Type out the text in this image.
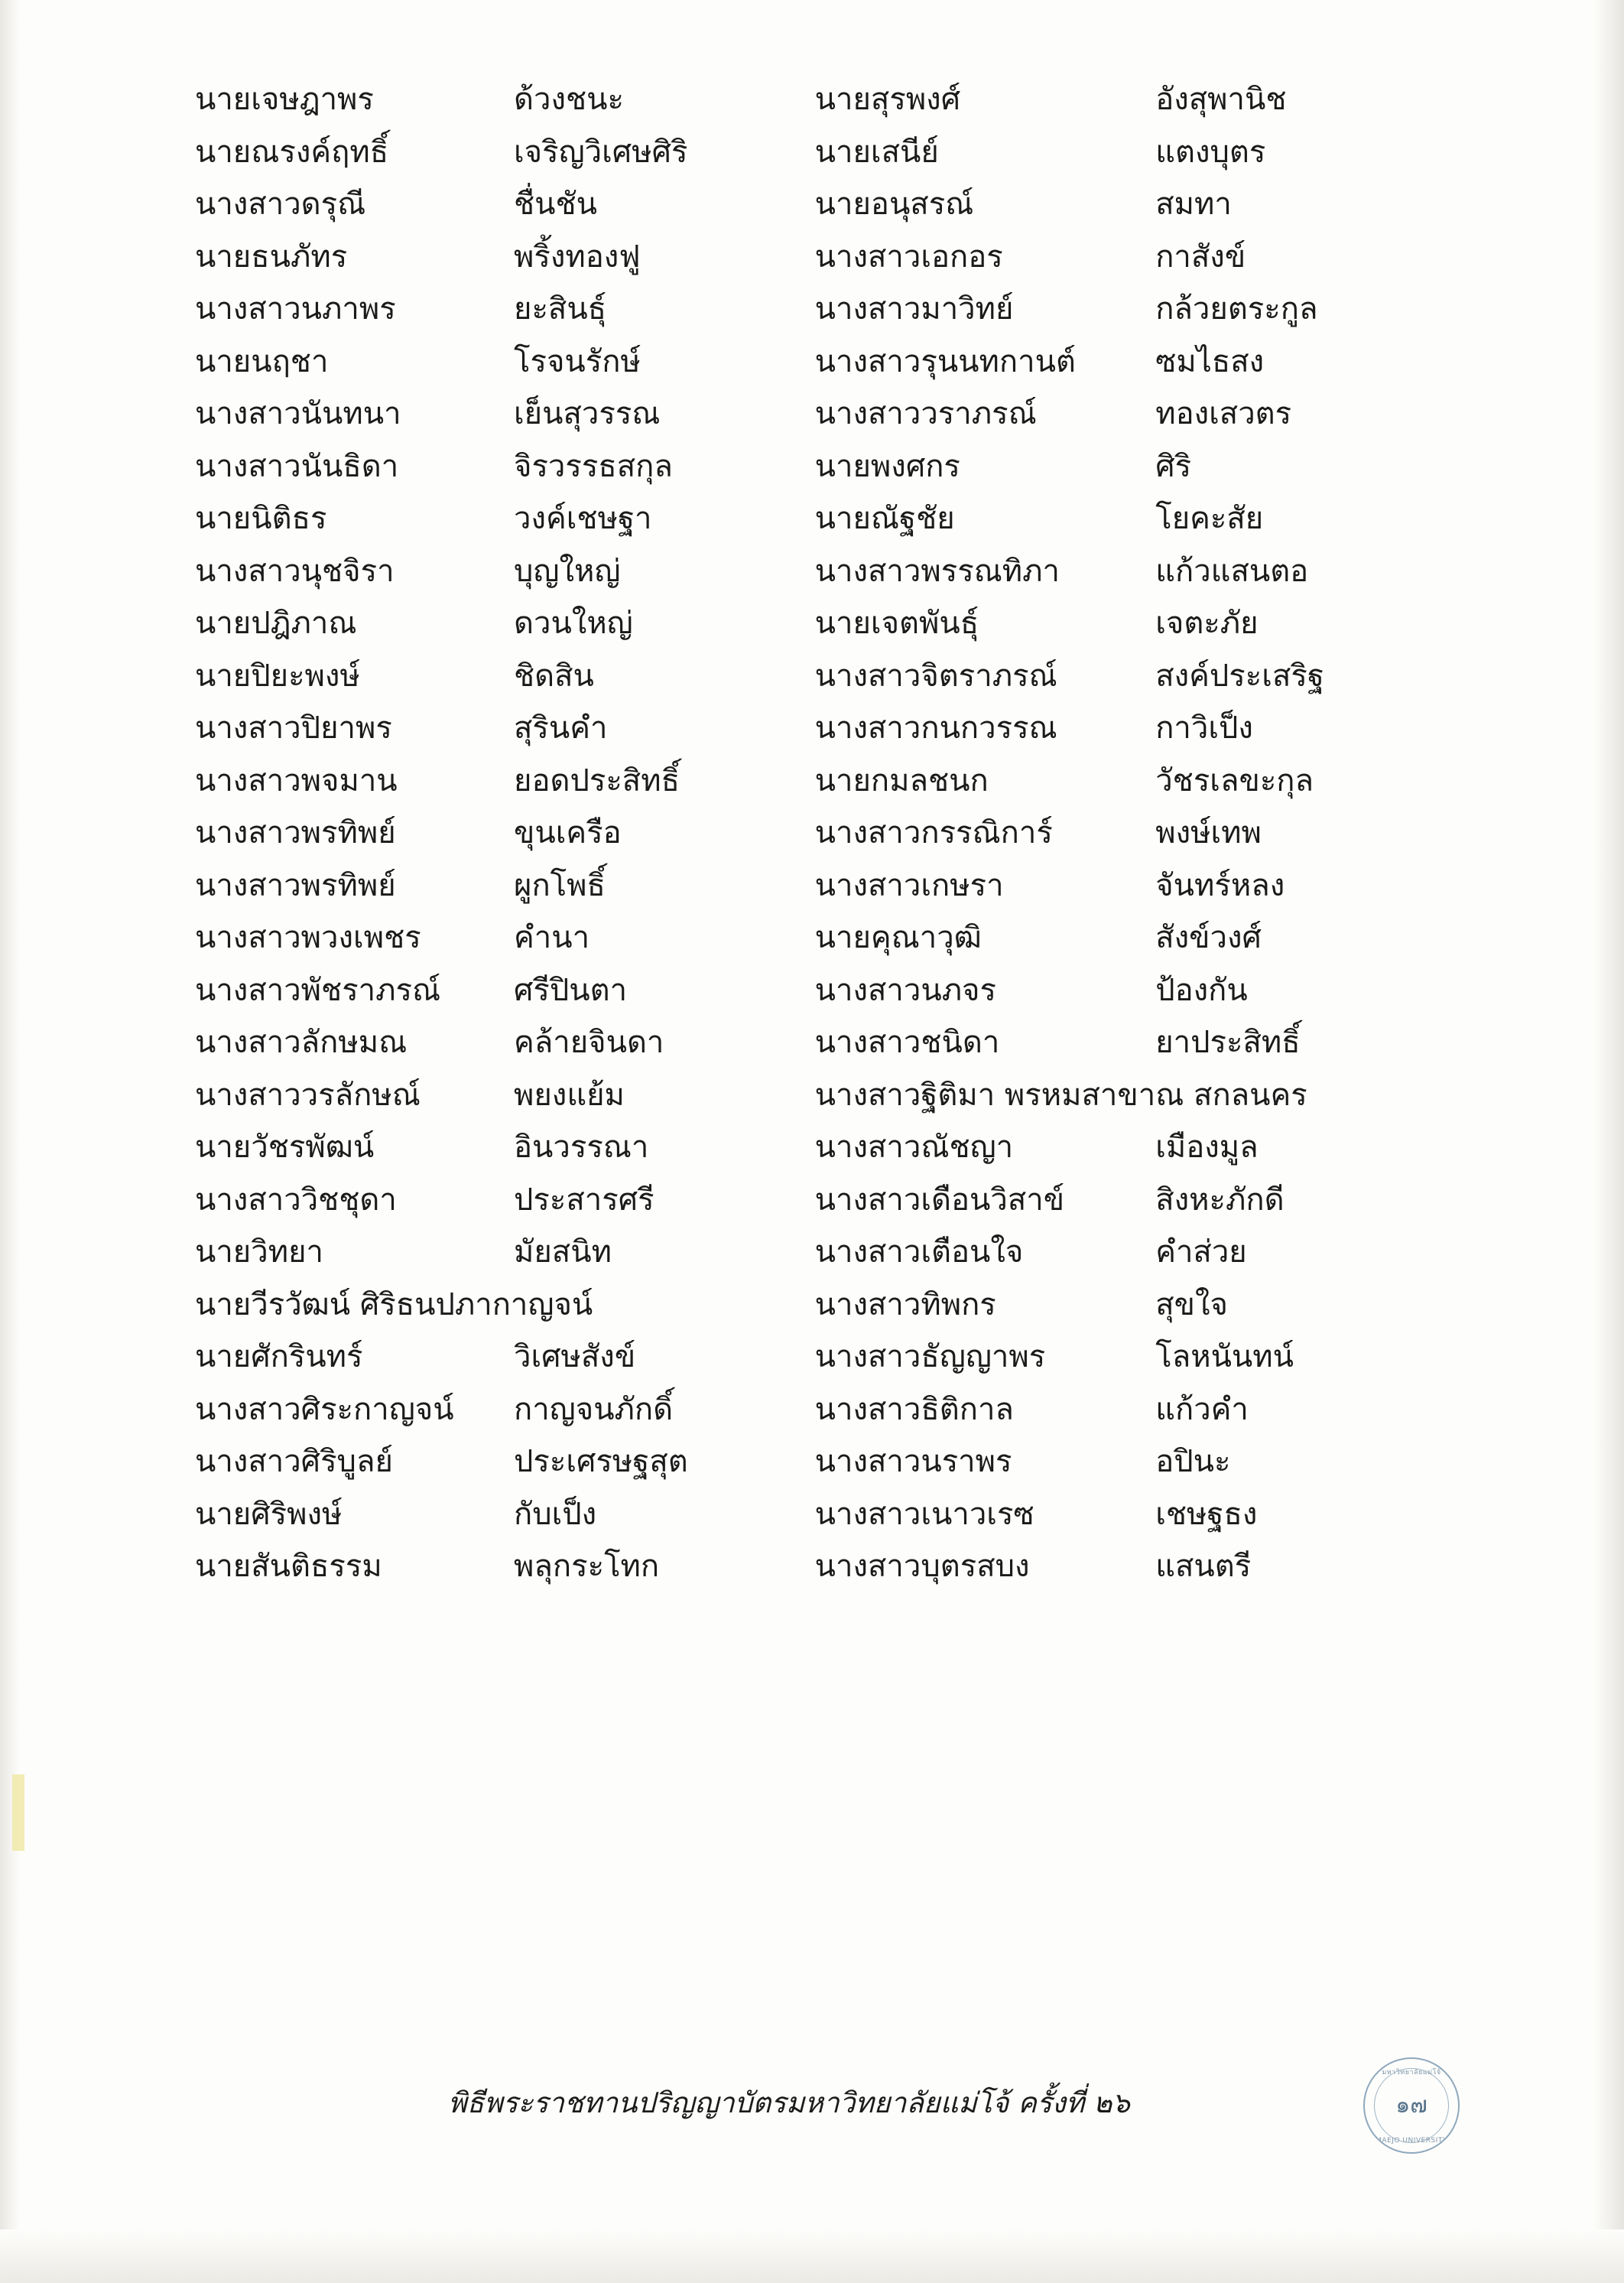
นายเจษฎาพร	ด้วงชนะ	นายสุรพงศ์	อังสุพานิช
นายณรงค์ฤทธิ์	เจริญวิเศษศิริ	นายเสนีย์	แตงบุตร
นางสาวดรุณี	ชื่นชัน	นายอนุสรณ์	สมทา
นายธนภัทร	พริ้งทองฟู	นางสาวเอกอร	กาสังข์
นางสาวนภาพร	ยะสินธุ์	นางสาวมาวิทย์	กล้วยตระกูล
นายนฤชา	โรจนรักษ์	นางสาวรุนนทกานต์	ซมไธสง
นางสาวนันทนา	เย็นสุวรรณ	นางสาววราภรณ์	ทองเสวตร
นางสาวนันธิดา	จิรวรรธสกุล	นายพงศกร	ศิริ
นายนิติธร	วงค์เชษฐา	นายณัฐชัย	โยคะสัย
นางสาวนุชจิรา	บุญใหญ่	นางสาวพรรณทิภา	แก้วแสนตอ
นายปฎิภาณ	ดวนใหญ่	นายเจตพันธุ์	เจตะภัย
นายปิยะพงษ์	ชิดสิน	นางสาวจิตราภรณ์	สงค์ประเสริฐ
นางสาวปิยาพร	สุรินคำ	นางสาวกนกวรรณ	กาวิเป็ง
นางสาวพจมาน	ยอดประสิทธิ์	นายกมลชนก	วัชรเลขะกุล
นางสาวพรทิพย์	ขุนเครือ	นางสาวกรรณิการ์	พงษ์เทพ
นางสาวพรทิพย์	ผูกโพธิ์	นางสาวเกษรา	จันทร์หลง
นางสาวพวงเพชร	คำนา	นายคุณาวุฒิ	สังข์วงศ์
นางสาวพัชราภรณ์	ศรีปินตา	นางสาวนภจร	ป้องกัน
นางสาวลักษมณ	คล้ายจินดา	นางสาวชนิดา	ยาประสิทธิ์
นางสาววรลักษณ์	พยงแย้ม	นางสาวฐิติมา พรหมสาขา	ณ สกลนคร
นายวัชรพัฒน์	อินวรรณา	นางสาวณัชญา	เมืองมูล
นางสาววิชชุดา	ประสารศรี	นางสาวเดือนวิสาข์	สิงหะภักดี
นายวิทยา	มัยสนิท	นางสาวเตือนใจ	คำส่วย
นายวีรวัฒน์ ศิริธนปภากาญจน์		นางสาวทิพกร	สุขใจ
นายศักรินทร์	วิเศษสังข์	นางสาวธัญญาพร	โลหนันทน์
นางสาวศิระกาญจน์	กาญจนภักดิ์	นางสาวธิติกาล	แก้วคำ
นางสาวศิริบูลย์	ประเศรษฐสุต	นางสาวนราพร	อปินะ
นายศิริพงษ์	กับเป็ง	นางสาวเนาวเรซ	เชษฐธง
นายสันติธรรม	พลุกระโทก	นางสาวบุตรสบง	แสนตรี
พิธีพระราชทานปริญญาบัตรมหาวิทยาลัยแม่โจ้ ครั้งที่ ๒๖
มหาวิทยาลัยแม่โจ้
๑๗
MAEJO UNIVERSITY
